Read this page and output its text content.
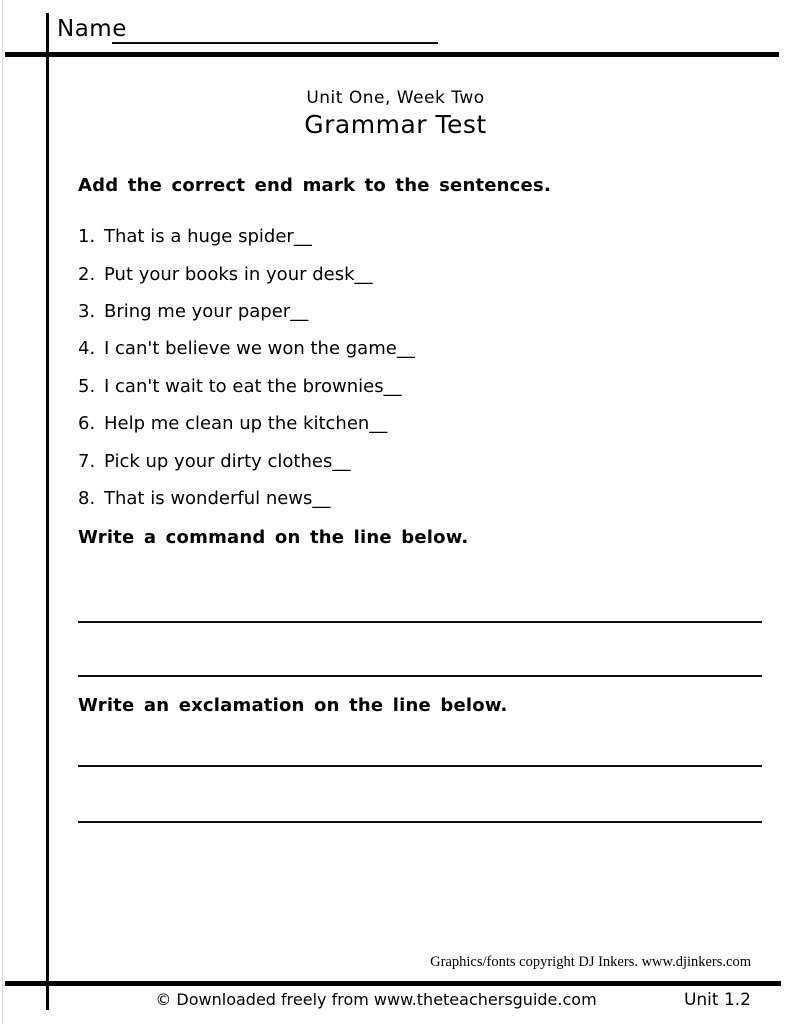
Name
Unit One, Week Two
Grammar Test
Add the correct end mark to the sentences.
1. That is a huge spider__
2. Put your books in your desk__
3. Bring me your paper__
4. I can't believe we won the game__
5. I can't wait to eat the brownies__
6. Help me clean up the kitchen__
7. Pick up your dirty clothes__
8. That is wonderful news__
Write a command on the line below.
Write an exclamation on the line below.
Graphics/fonts copyright DJ Inkers. www.djinkers.com
© Downloaded freely from www.theteachersguide.com	Unit 1.2
